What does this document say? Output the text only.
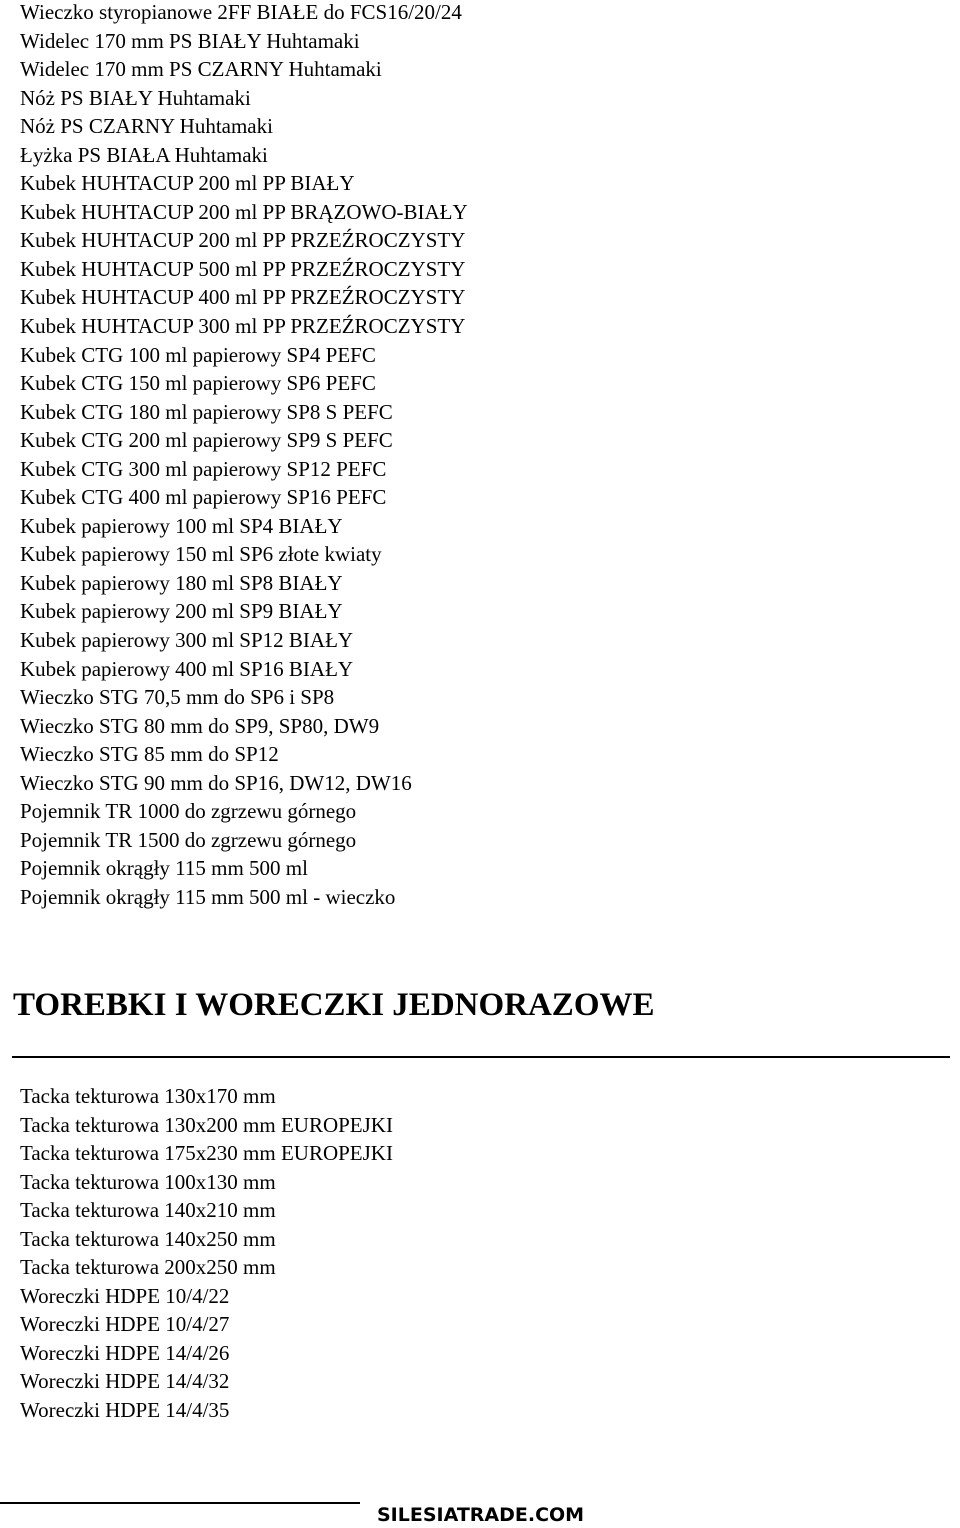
Wieczko styropianowe 2FF BIAŁE do FCS16/20/24
Widelec 170 mm PS BIAŁY Huhtamaki
Widelec 170 mm PS CZARNY Huhtamaki
Nóż PS BIAŁY Huhtamaki
Nóż PS CZARNY Huhtamaki
Łyżka PS BIAŁA Huhtamaki
Kubek HUHTACUP 200 ml PP BIAŁY
Kubek HUHTACUP 200 ml PP BRĄZOWO-BIAŁY
Kubek HUHTACUP 200 ml PP PRZEŹROCZYSTY
Kubek HUHTACUP 500 ml PP PRZEŹROCZYSTY
Kubek HUHTACUP 400 ml PP PRZEŹROCZYSTY
Kubek HUHTACUP 300 ml PP PRZEŹROCZYSTY
Kubek CTG 100 ml papierowy SP4 PEFC
Kubek CTG 150 ml papierowy SP6 PEFC
Kubek CTG 180 ml papierowy SP8 S PEFC
Kubek CTG 200 ml papierowy SP9 S PEFC
Kubek CTG 300 ml papierowy SP12 PEFC
Kubek CTG 400 ml papierowy SP16 PEFC
Kubek papierowy 100 ml SP4 BIAŁY
Kubek papierowy 150 ml SP6 złote kwiaty
Kubek papierowy 180 ml SP8 BIAŁY
Kubek papierowy 200 ml SP9 BIAŁY
Kubek papierowy 300 ml SP12 BIAŁY
Kubek papierowy 400 ml SP16 BIAŁY
Wieczko STG 70,5 mm do SP6 i SP8
Wieczko STG 80 mm do SP9, SP80, DW9
Wieczko STG 85 mm do SP12
Wieczko STG 90 mm do SP16, DW12, DW16
Pojemnik TR 1000 do zgrzewu górnego
Pojemnik TR 1500 do zgrzewu górnego
Pojemnik okrągły 115 mm 500 ml
Pojemnik okrągły 115 mm 500 ml - wieczko
TOREBKI I WORECZKI JEDNORAZOWE
Tacka tekturowa 130x170 mm
Tacka tekturowa 130x200 mm EUROPEJKI
Tacka tekturowa 175x230 mm EUROPEJKI
Tacka tekturowa 100x130 mm
Tacka tekturowa 140x210 mm
Tacka tekturowa 140x250 mm
Tacka tekturowa 200x250 mm
Woreczki HDPE 10/4/22
Woreczki HDPE 10/4/27
Woreczki HDPE 14/4/26
Woreczki HDPE 14/4/32
Woreczki HDPE 14/4/35
SILESIATRADE.COM
